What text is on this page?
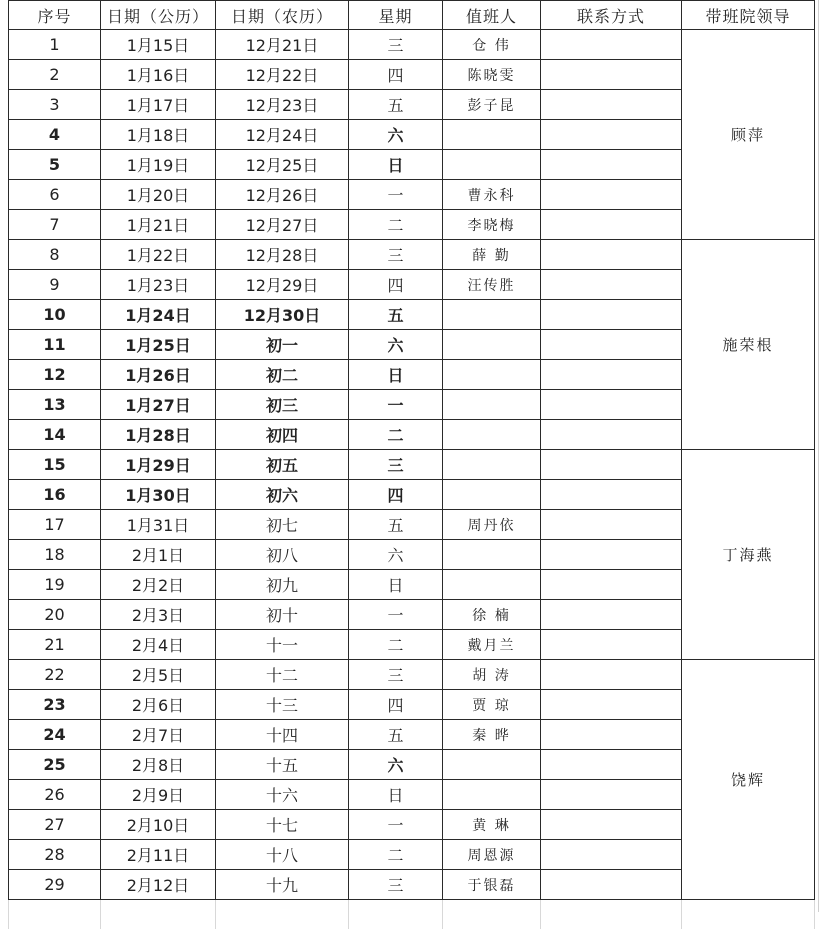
序号	日期（公历）	日期（农历）	星期	值班人	联系方式	带班院领导
1	1月15日	12月21日	三	仓 伟		顾萍
2	1月16日	12月22日	四	陈晓雯		
3	1月17日	12月23日	五	彭子昆		
4	1月18日	12月24日	六			
5	1月19日	12月25日	日			
6	1月20日	12月26日	一	曹永科		
7	1月21日	12月27日	二	李晓梅		
8	1月22日	12月28日	三	薛 勤		施荣根
9	1月23日	12月29日	四	汪传胜		
10	1月24日	12月30日	五			
11	1月25日	初一	六			
12	1月26日	初二	日			
13	1月27日	初三	一			
14	1月28日	初四	二			
15	1月29日	初五	三			丁海燕
16	1月30日	初六	四			
17	1月31日	初七	五	周丹依		
18	2月1日	初八	六			
19	2月2日	初九	日			
20	2月3日	初十	一	徐 楠		
21	2月4日	十一	二	戴月兰		
22	2月5日	十二	三	胡 涛		饶辉
23	2月6日	十三	四	贾 琼		
24	2月7日	十四	五	秦 晔		
25	2月8日	十五	六			
26	2月9日	十六	日			
27	2月10日	十七	一	黄 琳		
28	2月11日	十八	二	周恩源		
29	2月12日	十九	三	于银磊		
